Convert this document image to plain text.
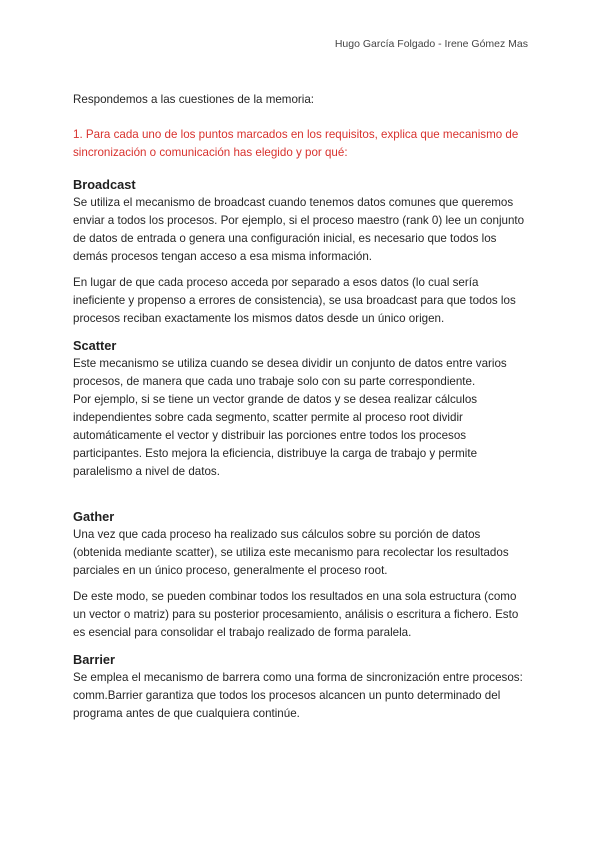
Hugo García Folgado - Irene Gómez Mas

Respondemos a las cuestiones de la memoria:

1. Para cada uno de los puntos marcados en los requisitos, explica que mecanismo de sincronización o comunicación has elegido y por qué:

Broadcast

Se utiliza el mecanismo de broadcast cuando tenemos datos comunes que queremos enviar a todos los procesos. Por ejemplo, si el proceso maestro (rank 0) lee un conjunto de datos de entrada o genera una configuración inicial, es necesario que todos los demás procesos tengan acceso a esa misma información.

En lugar de que cada proceso acceda por separado a esos datos (lo cual sería ineficiente y propenso a errores de consistencia), se usa broadcast para que todos los procesos reciban exactamente los mismos datos desde un único origen.

Scatter

Este mecanismo se utiliza cuando se desea dividir un conjunto de datos entre varios procesos, de manera que cada uno trabaje solo con su parte correspondiente.

Por ejemplo, si se tiene un vector grande de datos y se desea realizar cálculos independientes sobre cada segmento, scatter permite al proceso root dividir automáticamente el vector y distribuir las porciones entre todos los procesos participantes. Esto mejora la eficiencia, distribuye la carga de trabajo y permite paralelismo a nivel de datos.

Gather

Una vez que cada proceso ha realizado sus cálculos sobre su porción de datos (obtenida mediante scatter), se utiliza este mecanismo para recolectar los resultados parciales en un único proceso, generalmente el proceso root.

De este modo, se pueden combinar todos los resultados en una sola estructura (como un vector o matriz) para su posterior procesamiento, análisis o escritura a fichero. Esto es esencial para consolidar el trabajo realizado de forma paralela.

Barrier

Se emplea el mecanismo de barrera como una forma de sincronización entre procesos: comm.Barrier garantiza que todos los procesos alcancen un punto determinado del programa antes de que cualquiera continúe.
